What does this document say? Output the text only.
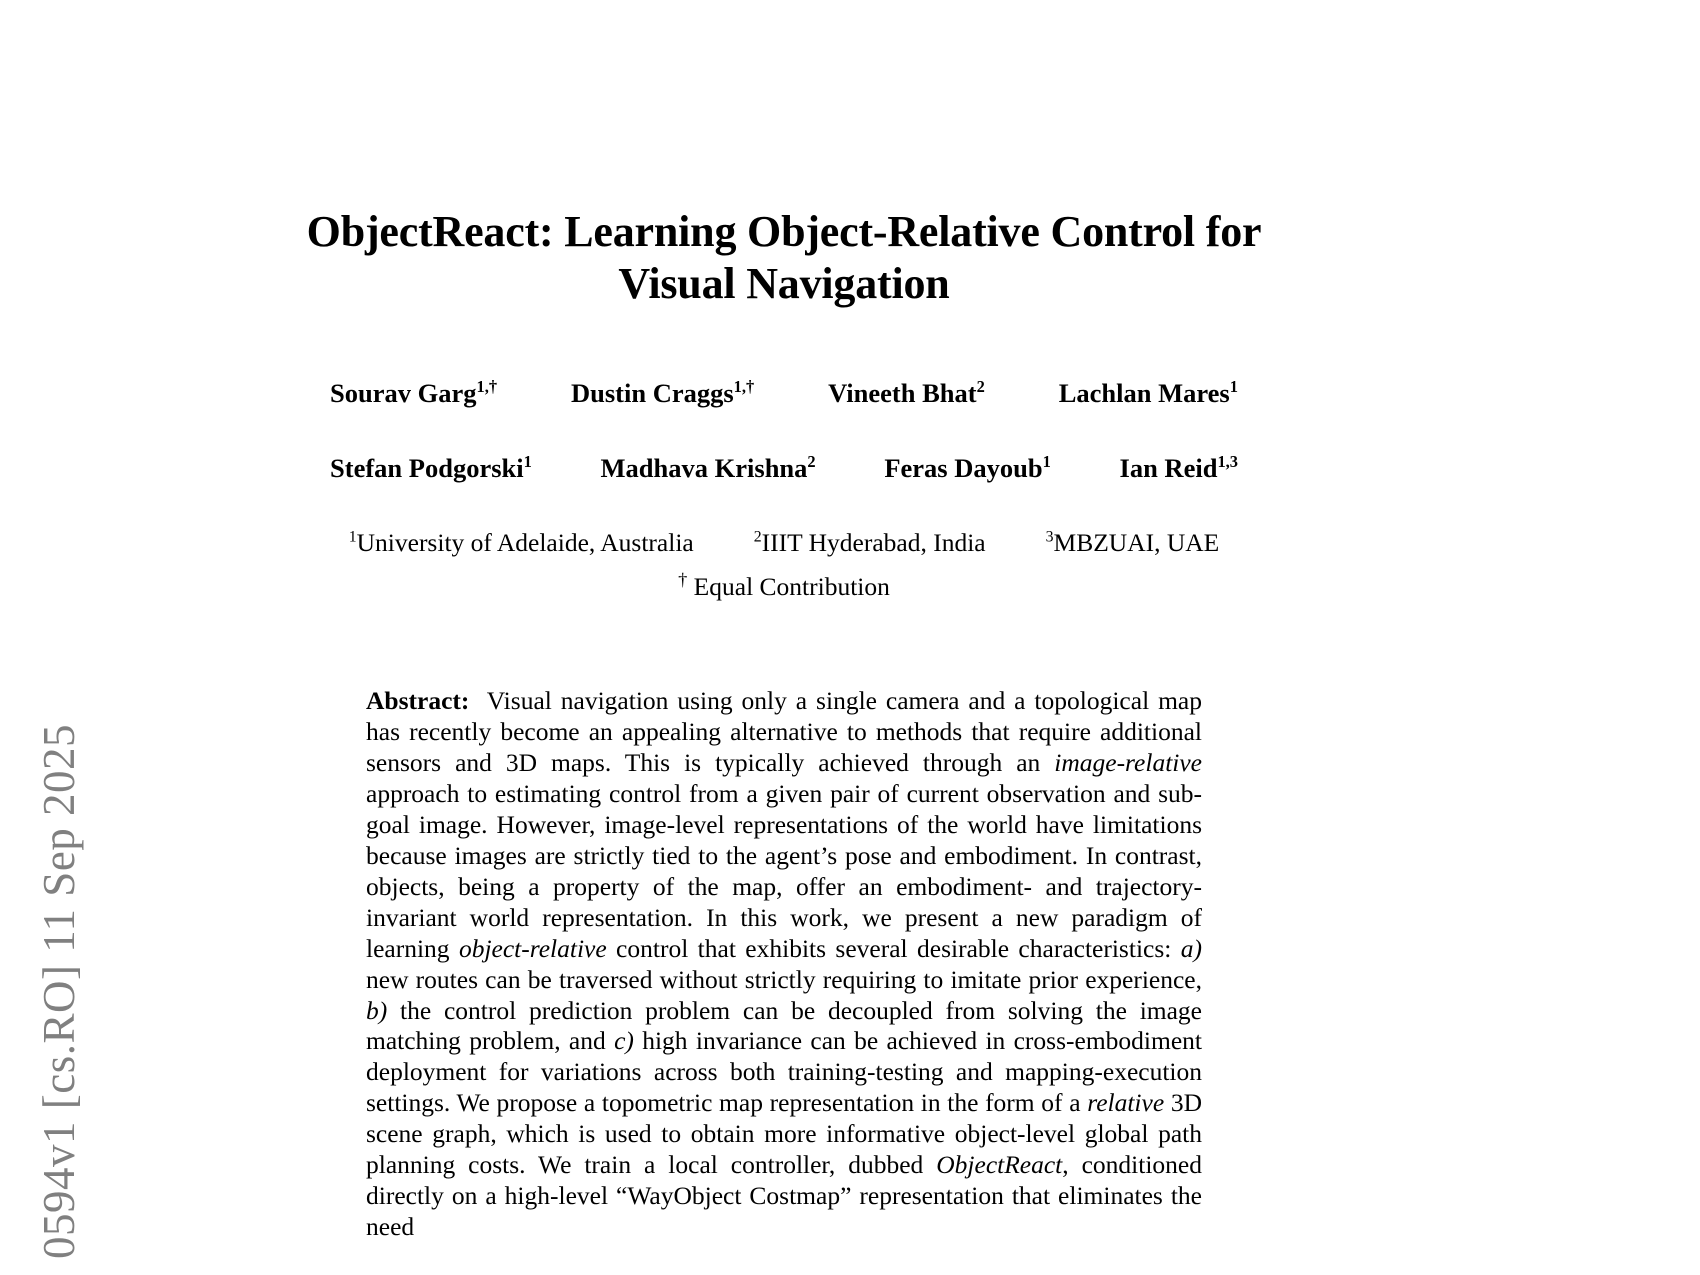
0594v1 [cs.RO] 11 Sep 2025
ObjectReact: Learning Object-Relative Control for Visual Navigation
Sourav Garg$^{1,\dagger}$	Dustin Craggs$^{1,\dagger}$	Vineeth Bhat$^2$	Lachlan Mares$^1$
Stefan Podgorski$^1$	Madhava Krishna$^2$	Feras Dayoub$^1$	Ian Reid$^{1,3}$
$^1$University of Adelaide, Australia	$^2$IIIT Hyderabad, India	$^3$MBZUAI, UAE
† Equal Contribution
Abstract: Visual navigation using only a single camera and a topological map has recently become an appealing alternative to methods that require additional sensors and 3D maps. This is typically achieved through an image-relative approach to estimating control from a given pair of current observation and sub-goal image. However, image-level representations of the world have limitations because images are strictly tied to the agent’s pose and embodiment. In contrast, objects, being a property of the map, offer an embodiment- and trajectory-invariant world representation. In this work, we present a new paradigm of learning object-relative control that exhibits several desirable characteristics: a) new routes can be traversed without strictly requiring to imitate prior experience, b) the control prediction problem can be decoupled from solving the image matching problem, and c) high invariance can be achieved in cross-embodiment deployment for variations across both training-testing and mapping-execution settings. We propose a topometric map representation in the form of a relative 3D scene graph, which is used to obtain more informative object-level global path planning costs. We train a local controller, dubbed ObjectReact, conditioned directly on a high-level “WayObject Costmap” representation that eliminates the need
